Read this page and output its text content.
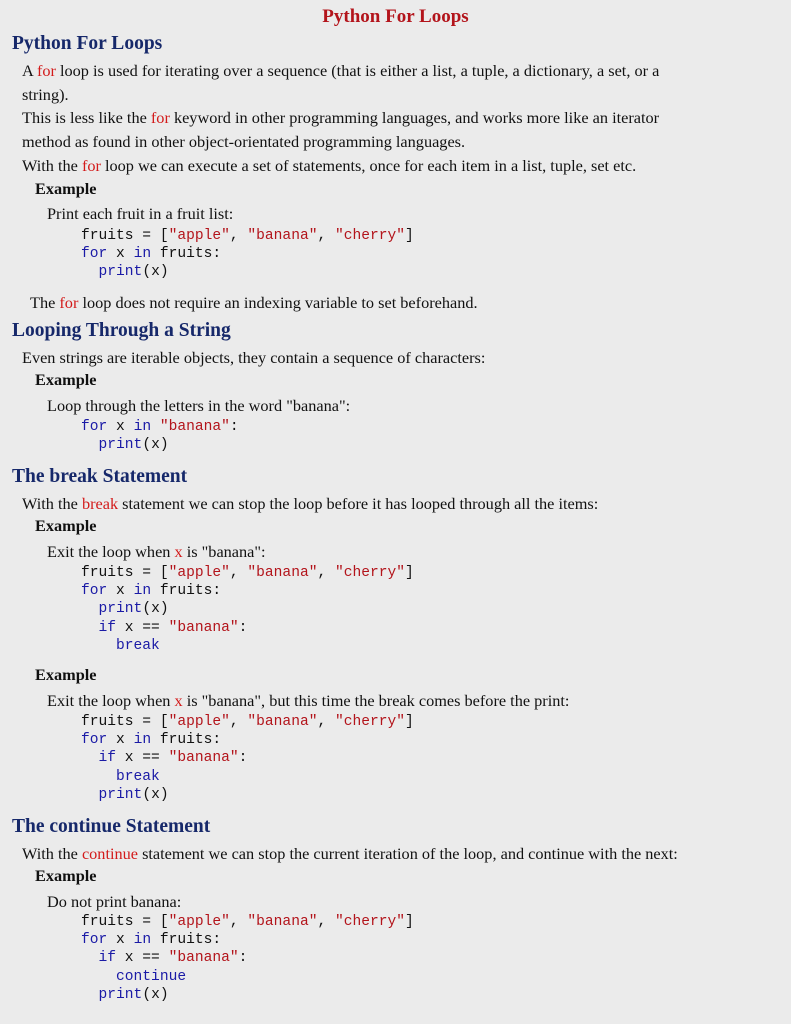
Python For Loops
Python For Loops
A for loop is used for iterating over a sequence (that is either a list, a tuple, a dictionary, a set, or a
string).
This is less like the for keyword in other programming languages, and works more like an iterator
method as found in other object-orientated programming languages.
With the for loop we can execute a set of statements, once for each item in a list, tuple, set etc.
Example
Print each fruit in a fruit list:
fruits = ["apple", "banana", "cherry"]
for x in fruits:
print(x)
The for loop does not require an indexing variable to set beforehand.
Looping Through a String
Even strings are iterable objects, they contain a sequence of characters:
Example
Loop through the letters in the word "banana":
for x in "banana":
print(x)
The break Statement
With the break statement we can stop the loop before it has looped through all the items:
Example
Exit the loop when x is "banana":
fruits = ["apple", "banana", "cherry"]
for x in fruits:
print(x)
if x == "banana":
break
Example
Exit the loop when x is "banana", but this time the break comes before the print:
fruits = ["apple", "banana", "cherry"]
for x in fruits:
if x == "banana":
break
print(x)
The continue Statement
With the continue statement we can stop the current iteration of the loop, and continue with the next:
Example
Do not print banana:
fruits = ["apple", "banana", "cherry"]
for x in fruits:
if x == "banana":
continue
print(x)
